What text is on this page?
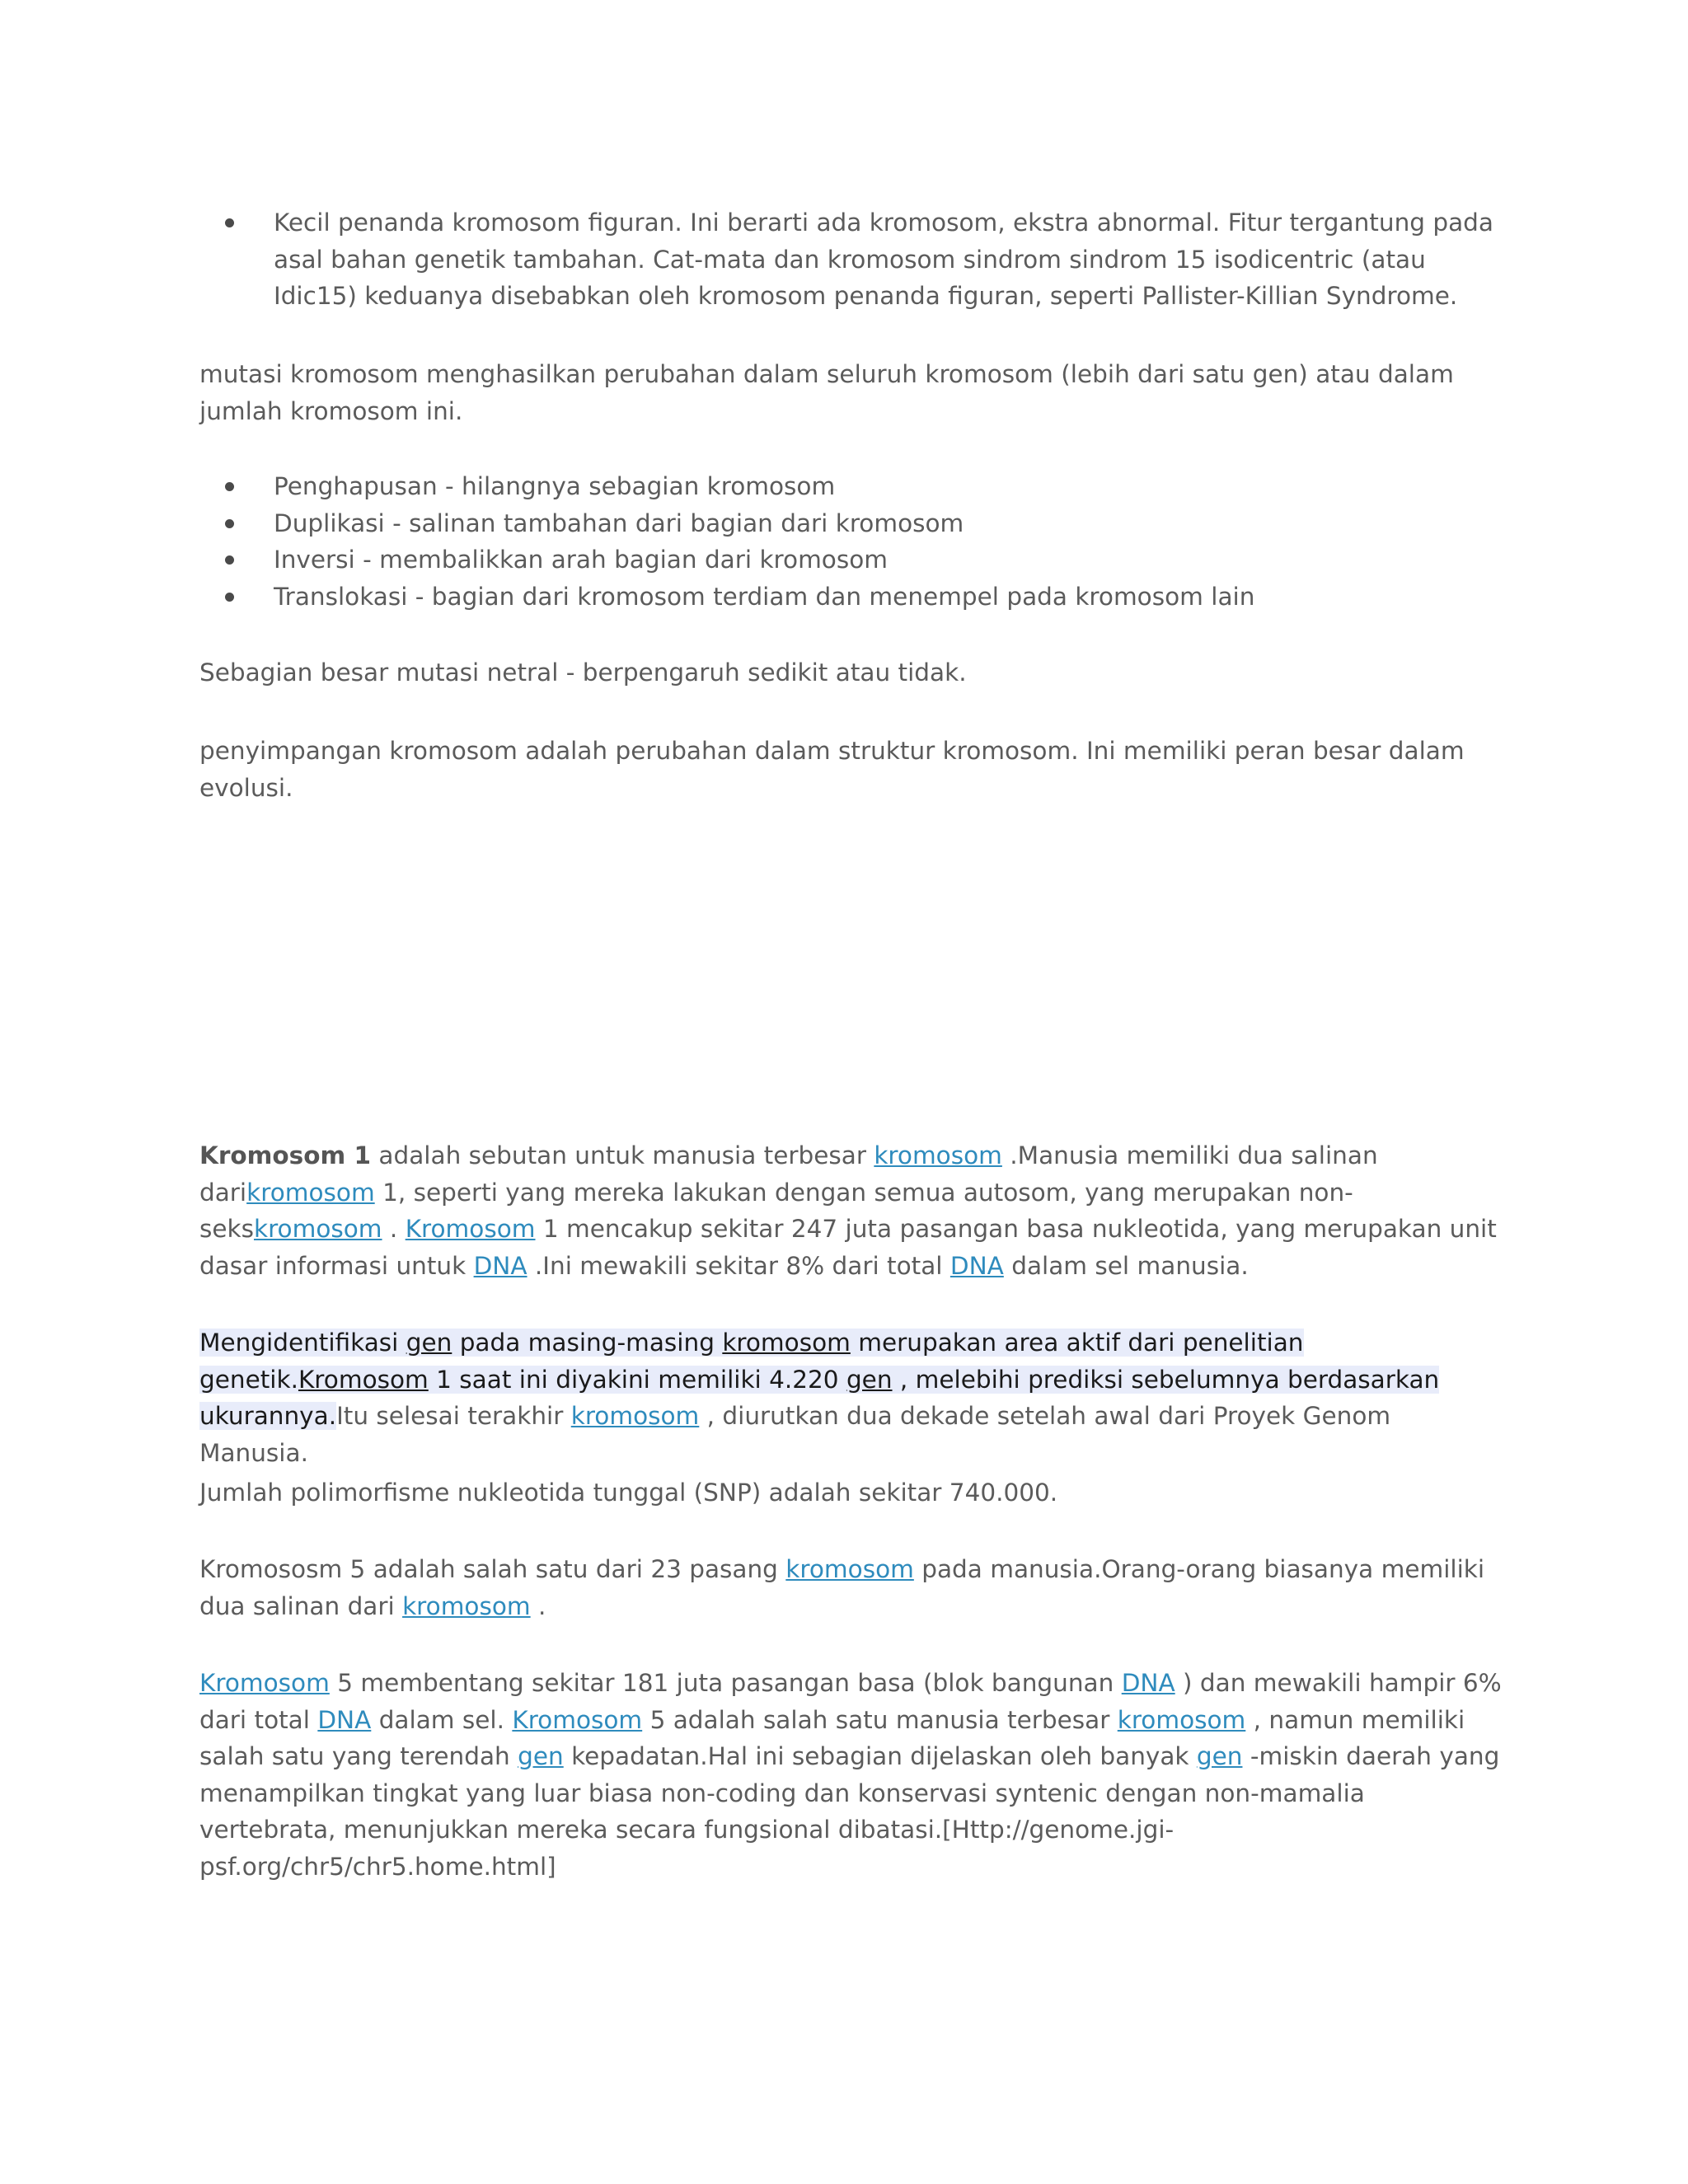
Kecil penanda kromosom figuran. Ini berarti ada kromosom, ekstra abnormal. Fitur tergantung pada asal bahan genetik tambahan. Cat-mata dan kromosom sindrom sindrom 15 isodicentric (atau Idic15) keduanya disebabkan oleh kromosom penanda figuran, seperti Pallister-Killian Syndrome.

mutasi kromosom menghasilkan perubahan dalam seluruh kromosom (lebih dari satu gen) atau dalam jumlah kromosom ini.

Penghapusan - hilangnya sebagian kromosom
Duplikasi - salinan tambahan dari bagian dari kromosom
Inversi - membalikkan arah bagian dari kromosom
Translokasi - bagian dari kromosom terdiam dan menempel pada kromosom lain

Sebagian besar mutasi netral - berpengaruh sedikit atau tidak.

penyimpangan kromosom adalah perubahan dalam struktur kromosom. Ini memiliki peran besar dalam evolusi.

Kromosom 1 adalah sebutan untuk manusia terbesar kromosom .Manusia memiliki dua salinan darikromosom 1, seperti yang mereka lakukan dengan semua autosom, yang merupakan non-sekskromosom . Kromosom 1 mencakup sekitar 247 juta pasangan basa nukleotida, yang merupakan unit dasar informasi untuk DNA .Ini mewakili sekitar 8% dari total DNA dalam sel manusia.

Mengidentifikasi gen pada masing-masing kromosom merupakan area aktif dari penelitian genetik.Kromosom 1 saat ini diyakini memiliki 4.220 gen , melebihi prediksi sebelumnya berdasarkan ukurannya.Itu selesai terakhir kromosom , diurutkan dua dekade setelah awal dari Proyek Genom Manusia.

Jumlah polimorfisme nukleotida tunggal (SNP) adalah sekitar 740.000.

Kromososm 5 adalah salah satu dari 23 pasang kromosom pada manusia.Orang-orang biasanya memiliki dua salinan dari kromosom .

Kromosom 5 membentang sekitar 181 juta pasangan basa (blok bangunan DNA ) dan mewakili hampir 6% dari total DNA dalam sel. Kromosom 5 adalah salah satu manusia terbesar kromosom , namun memiliki salah satu yang terendah gen kepadatan.Hal ini sebagian dijelaskan oleh banyak gen -miskin daerah yang menampilkan tingkat yang luar biasa non-coding dan konservasi syntenic dengan non-mamalia vertebrata, menunjukkan mereka secara fungsional dibatasi.[Http://genome.jgi-psf.org/chr5/chr5.home.html]
